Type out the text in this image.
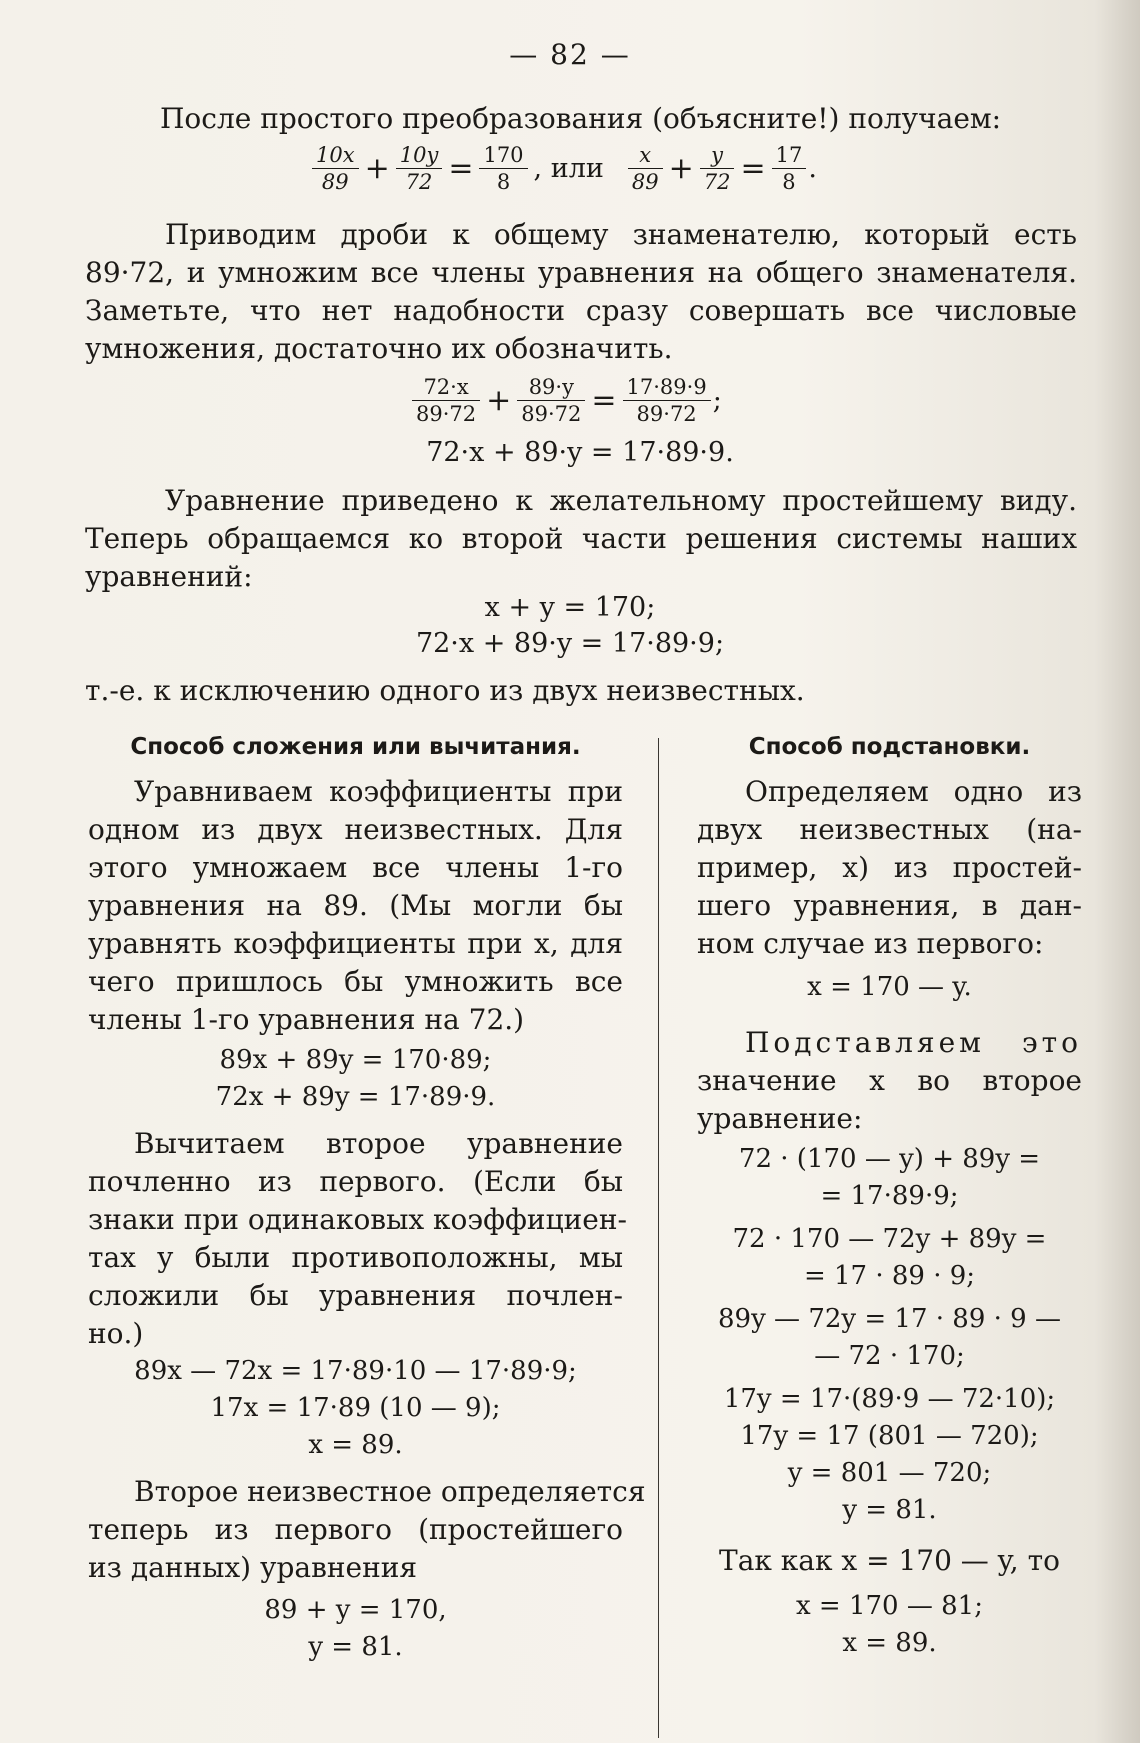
— 82 —
После простого преобразования (объясните!) получаем:
$\frac{10x}{89} + \frac{10y}{72} = \frac{170}{8}$ , или $\frac{x}{89} + \frac{y}{72} = \frac{17}{8}$ .
Приводим дроби к общему знаменателю, который есть
89·72, и умножим все члены уравнения на общего знаменателя.
Заметьте, что нет надобности сразу совершать все числовые
умножения, достаточно их обозначить.
$\frac{72\cdot x}{89\cdot 72} + \frac{89\cdot y}{89\cdot 72} = \frac{17\cdot 89\cdot 9}{89\cdot 72}$ ;
72·x + 89·y = 17·89·9.
Уравнение приведено к желательному простейшему виду.
Теперь обращаемся ко второй части решения системы наших
уравнений:
x + y = 170;
72·x + 89·y = 17·89·9;
т.-е. к исключению одного из двух неизвестных.
Способ сложения или вычитания.
Уравниваем коэффициенты при
одном из двух неизвестных. Для
этого умножаем все члены 1-го
уравнения на 89. (Мы могли бы
уравнять коэффициенты при x, для
чего пришлось бы умножить все
члены 1-го уравнения на 72.)
89x + 89y = 170·89;
72x + 89y = 17·89·9.
Вычитаем второе уравнение
почленно из первого. (Если бы
знаки при одинаковых коэффициен-
тах y были противоположны, мы
сложили бы уравнения почлен-
но.)
89x — 72x = 17·89·10 — 17·89·9;
17x = 17·89 (10 — 9);
x = 89.
Второе неизвестное определяется
теперь из первого (простейшего
из данных) уравнения
89 + y = 170,
y = 81.
Способ подстановки.
Определяем одно из
двух неизвестных (на-
пример, x) из простей-
шего уравнения, в дан-
ном случае из первого:
x = 170 — y.
Подставляем это
значение x во второе
уравнение:
72 · (170 — y) + 89y =
= 17·89·9;
72 · 170 — 72y + 89y =
= 17 · 89 · 9;
89y — 72y = 17 · 89 · 9 —
— 72 · 170;
17y = 17·(89·9 — 72·10);
17y = 17 (801 — 720);
y = 801 — 720;
y = 81.
Так как x = 170 — y, то
x = 170 — 81;
x = 89.
